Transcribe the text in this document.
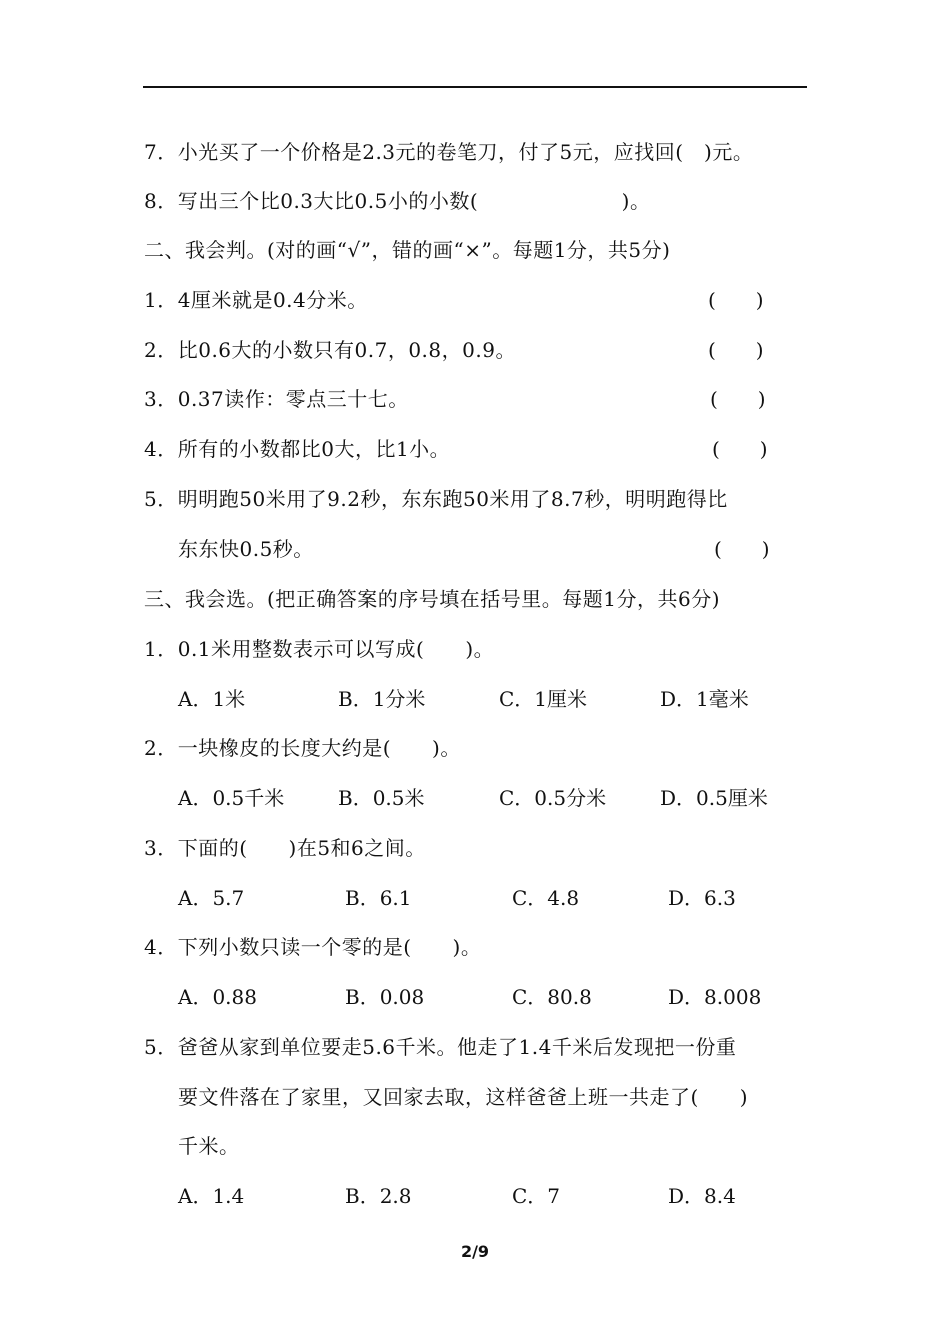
7．小光买了一个价格是2.3元的卷笔刀，付了5元，应找回(　)元。
8．写出三个比0.3大比0.5小的小数(　　　　　　　)。
二、我会判。(对的画“√”，错的画“×”。每题1分，共5分)
1．4厘米就是0.4分米。	(　　)
2．比0.6大的小数只有0.7，0.8，0.9。	(　　)
3．0.37读作：零点三十七。	(　　)
4．所有的小数都比0大，比1小。	(　　)
5．明明跑50米用了9.2秒，东东跑50米用了8.7秒，明明跑得比
东东快0.5秒。	(　　)
三、我会选。(把正确答案的序号填在括号里。每题1分，共6分)
1．0.1米用整数表示可以写成(　　)。
A．1米	B．1分米	C．1厘米	D．1毫米
2．一块橡皮的长度大约是(　　)。
A．0.5千米	B．0.5米	C．0.5分米	D．0.5厘米
3．下面的(　　)在5和6之间。
A．5.7	B．6.1	C．4.8	D．6.3
4．下列小数只读一个零的是(　　)。
A．0.88	B．0.08	C．80.8	D．8.008
5．爸爸从家到单位要走5.6千米。他走了1.4千米后发现把一份重
要文件落在了家里，又回家去取，这样爸爸上班一共走了(　　)
千米。
A．1.4	B．2.8	C．7	D．8.4
2/9
